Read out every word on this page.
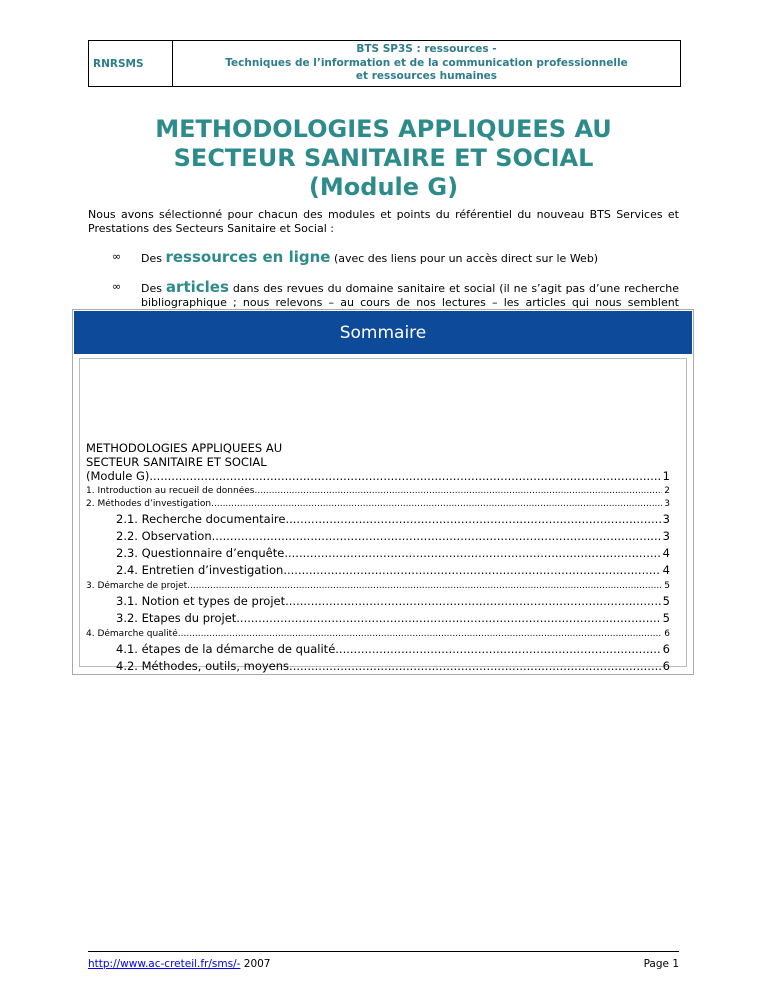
RNRSMS
BTS SP3S : ressources -
Techniques de l’information et de la communication professionnelle
et ressources humaines
METHODOLOGIES APPLIQUEES AU
SECTEUR SANITAIRE ET SOCIAL
(Module G)
Nous avons sélectionné pour chacun des modules et points du référentiel du nouveau BTS Services et Prestations des Secteurs Sanitaire et Social :
∞ Des ressources en ligne (avec des liens pour un accès direct sur le Web)
∞ Des articles dans des revues du domaine sanitaire et social (il ne s’agit pas d’une recherche bibliographique ; nous relevons – au cours de nos lectures – les articles qui nous semblent
Sommaire
METHODOLOGIES APPLIQUEES AU
SECTEUR SANITAIRE ET SOCIAL
(Module G) .....	1
1. Introduction au recueil de données .....	2
2. Méthodes d’investigation .....	3
2.1. Recherche documentaire .....	3
2.2. Observation .....	3
2.3. Questionnaire d’enquête .....	4
2.4. Entretien d’investigation .....	4
3. Démarche de projet .....	5
3.1. Notion et types de projet .....	5
3.2. Etapes du projet .....	5
4. Démarche qualité .....	6
4.1. étapes de la démarche de qualité .....	6
4.2. Méthodes, outils, moyens .....	6
http://www.ac-creteil.fr/sms/- 2007	Page 1
